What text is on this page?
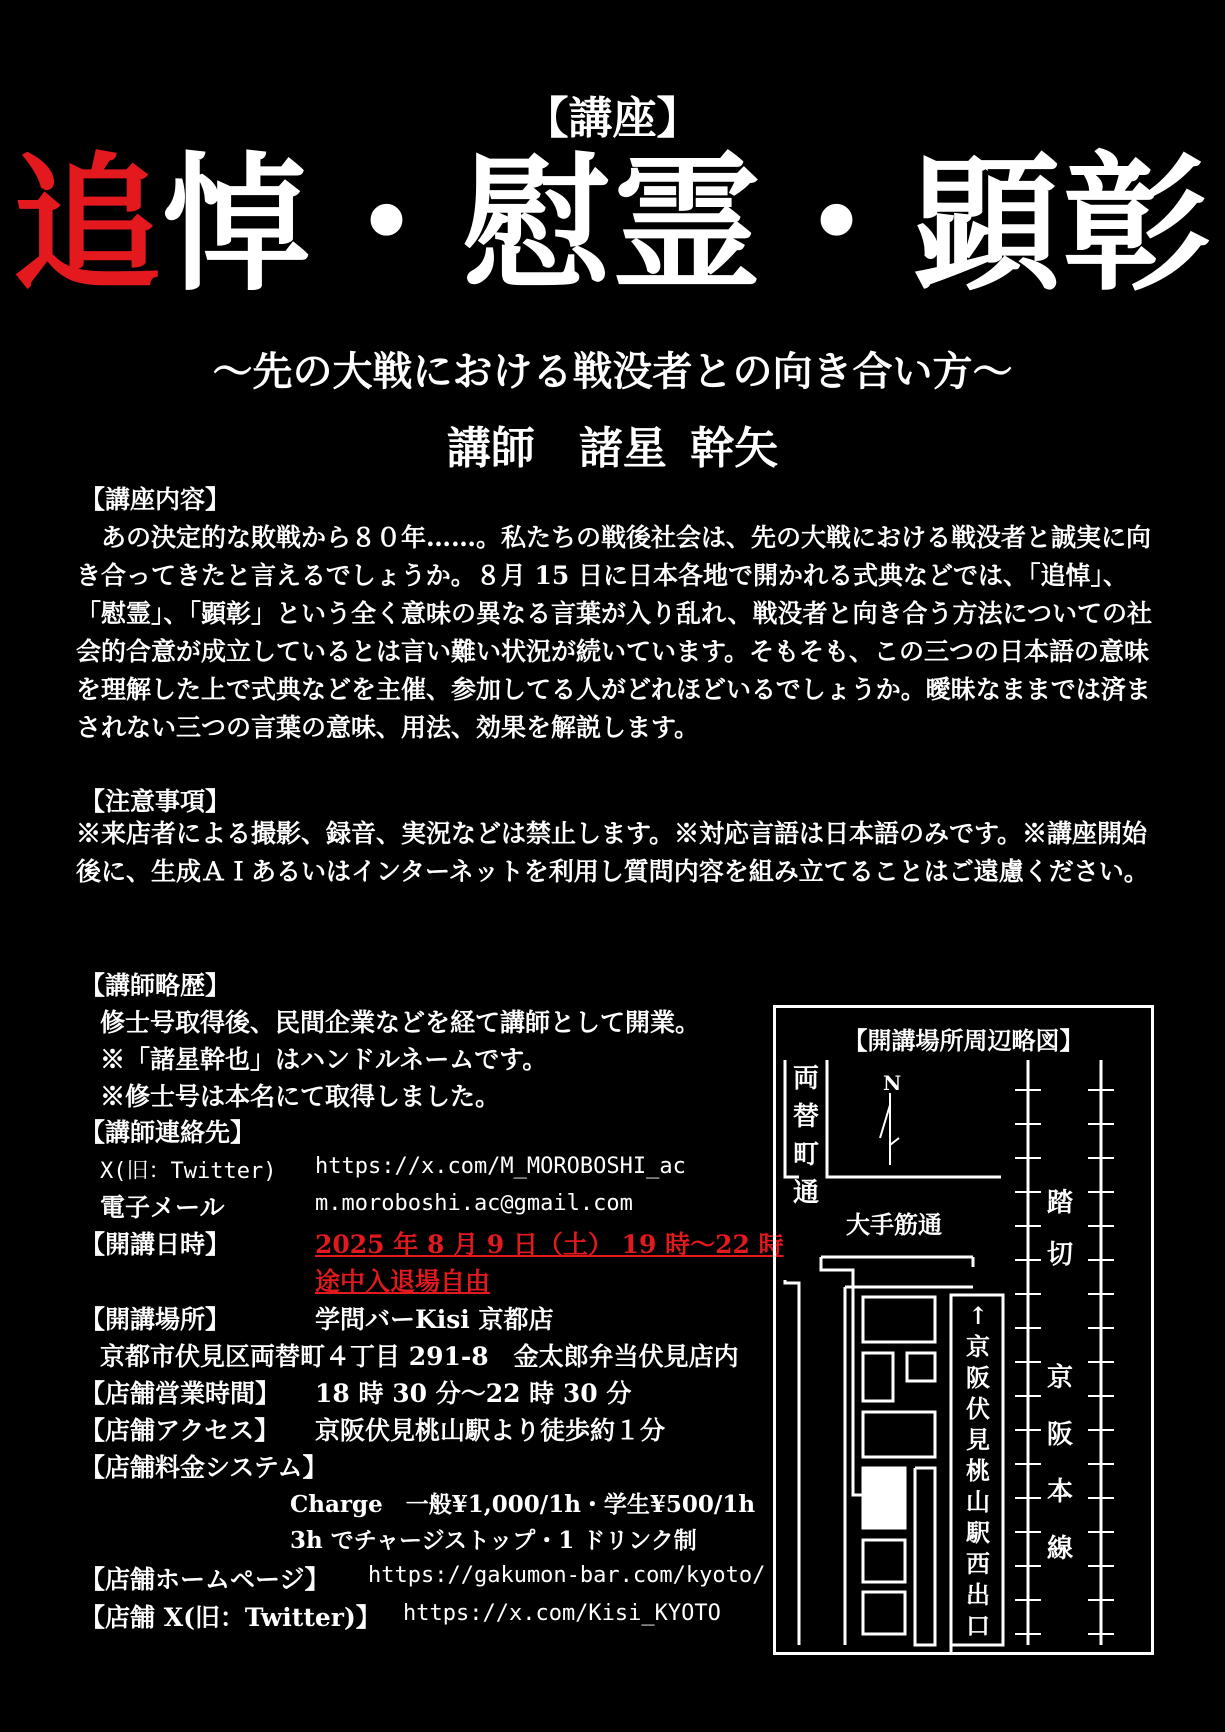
【講座】
追悼・慰霊・顕彰
～先の大戦における戦没者との向き合い方～
講師　諸星 幹矢
【講座内容】
　あの決定的な敗戦から８０年……。私たちの戦後社会は、先の大戦における戦没者と誠実に向き合ってきたと言えるでしょうか。８月 15 日に日本各地で開かれる式典などでは、「追悼」、「慰霊」、「顕彰」という全く意味の異なる言葉が入り乱れ、戦没者と向き合う方法についての社会的合意が成立しているとは言い難い状況が続いています。そもそも、この三つの日本語の意味を理解した上で式典などを主催、参加してる人がどれほどいるでしょうか。曖昧なままでは済まされない三つの言葉の意味、用法、効果を解説します。
【注意事項】
※来店者による撮影、録音、実況などは禁止します。※対応言語は日本語のみです。※講座開始後に、生成ＡＩあるいはインターネットを利用し質問内容を組み立てることはご遠慮ください。
【講師略歴】
修士号取得後、民間企業などを経て講師として開業。
※「諸星幹也」はハンドルネームです。
※修士号は本名にて取得しました。
【講師連絡先】
X(旧：Twitter) https://x.com/M_MOROBOSHI_ac
電子メール	m.moroboshi.ac@gmail.com
【開講日時】	2025 年 8 月 9 日（土） 19 時～22 時
途中入退場自由
【開講場所】	学問バーKisi 京都店
京都市伏見区両替町４丁目 291-8　金太郎弁当伏見店内
【店舗営業時間】 18 時 30 分～22 時 30 分
【店舗アクセス】 京阪伏見桃山駅より徒歩約１分
【店舗料金システム】
Charge　一般¥1,000/1h・学生¥500/1h
3h でチャージストップ・1 ドリンク制
【店舗ホームページ】 https://gakumon-bar.com/kyoto/
【店舗 X(旧：Twitter)】 https://x.com/Kisi_KYOTO
【開講場所周辺略図】
両替町通
N
大手筋通
踏切
京阪本線
↑京阪伏見桃山駅 西出口
